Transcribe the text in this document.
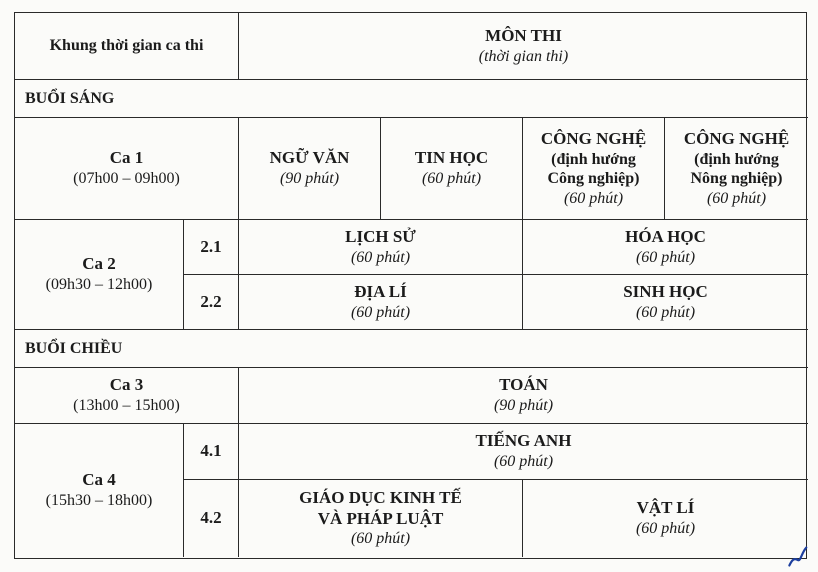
Khung thời gian ca thi
MÔN THI
(thời gian thi)
BUỔI SÁNG
Ca 1
(07h00 – 09h00)
NGỮ VĂN
(90 phút)
TIN HỌC
(60 phút)
CÔNG NGHỆ
(định hướng
Công nghiệp)
(60 phút)
CÔNG NGHỆ
(định hướng
Nông nghiệp)
(60 phút)
Ca 2
(09h30 – 12h00)
2.1
LỊCH SỬ
(60 phút)
HÓA HỌC
(60 phút)
2.2
ĐỊA LÍ
(60 phút)
SINH HỌC
(60 phút)
BUỔI CHIỀU
Ca 3
(13h00 – 15h00)
TOÁN
(90 phút)
Ca 4
(15h30 – 18h00)
4.1
TIẾNG ANH
(60 phút)
4.2
GIÁO DỤC KINH TẾ
VÀ PHÁP LUẬT
(60 phút)
VẬT LÍ
(60 phút)
